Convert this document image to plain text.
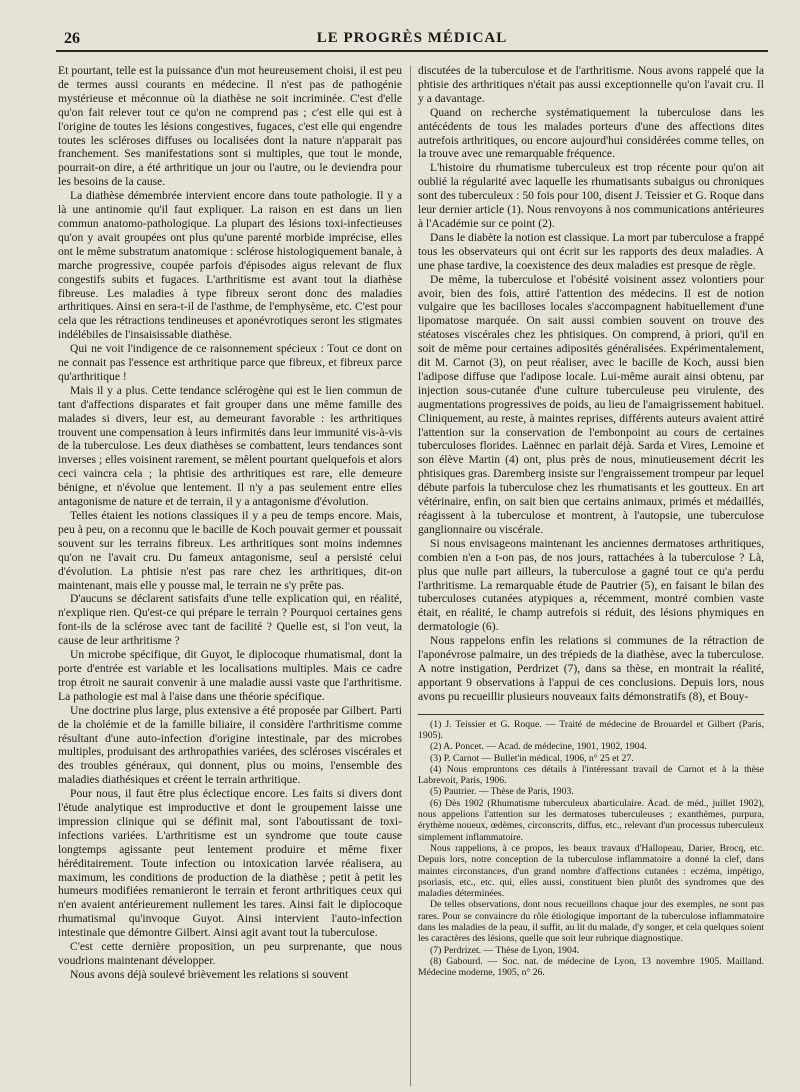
26	LE PROGRÈS MÉDICAL

Et pourtant, telle est la puissance d'un mot heureusement choisi, il est peu de termes aussi courants en médecine. Il n'est pas de pathogénie mystérieuse et méconnue où la diathèse ne soit incriminée. C'est d'elle qu'on fait relever tout ce qu'on ne comprend pas ; c'est elle qui est à l'origine de toutes les lésions congestives, fugaces, c'est elle qui engendre toutes les scléroses diffuses ou localisées dont la nature n'apparait pas franchement. Ses manifestations sont si multiples, que tout le monde, pourrait-on dire, a été arthritique un jour ou l'autre, ou le deviendra pour les besoins de la cause.

La diathèse démembrée intervient encore dans toute pathologie. Il y a là une antinomie qu'il faut expliquer. La raison en est dans un lien commun anatomo-pathologique. La plupart des lésions toxi-infectieuses qu'on y avait groupées ont plus qu'une parenté morbide imprécise, elles ont le même substratum anatomique : sclérose histologiquement banale, à marche progressive, coupée parfois d'épisodes aigus relevant de flux congestifs subits et fugaces. L'arthritisme est avant tout la diathèse fibreuse. Les maladies à type fibreux seront donc des maladies arthritiques. Ainsi en sera-t-il de l'asthme, de l'emphysème, etc. C'est pour cela que les rétractions tendineuses et aponévrotiques seront les stigmates indélébiles de l'insaisissable diathèse.

Qui ne voit l'indigence de ce raisonnement spécieux : Tout ce dont on ne connait pas l'essence est arthritique parce que fibreux, et fibreux parce qu'arthritique !

Mais il y a plus. Cette tendance sclérogène qui est le lien commun de tant d'affections disparates et fait grouper dans une même famille des malades si divers, leur est, au demeurant favorable : les arthritiques trouvent une compensation à leurs infirmités dans leur immunité vis-à-vis de la tuberculose. Les deux diathèses se combattent, leurs tendances sont inverses ; elles voisinent rarement, se mêlent pourtant quelquefois et alors ceci vaincra cela ; la phtisie des arthritiques est rare, elle demeure bénigne, et n'évolue que lentement. Il n'y a pas seulement entre elles antagonisme de nature et de terrain, il y a antagonisme d'évolution.

Telles étaient les notions classiques il y a peu de temps encore. Mais, peu à peu, on a reconnu que le bacille de Koch pouvait germer et poussait souvent sur les terrains fibreux. Les arthritiques sont moins indemnes qu'on ne l'avait cru. Du fameux antagonisme, seul a persisté celui d'évolution. La phtisie n'est pas rare chez les arthritiques, dit-on maintenant, mais elle y pousse mal, le terrain ne s'y prête pas.

D'aucuns se déclarent satisfaits d'une telle explication qui, en réalité, n'explique rien. Qu'est-ce qui prépare le terrain ? Pourquoi certaines gens font-ils de la sclérose avec tant de facilité ? Quelle est, si l'on veut, la cause de leur arthritisme ?

Un microbe spécifique, dit Guyot, le diplocoque rhumatismal, dont la porte d'entrée est variable et les localisations multiples. Mais ce cadre trop étroit ne saurait convenir à une maladie aussi vaste que l'arthritisme. La pathologie est mal à l'aise dans une théorie spécifique.

Une doctrine plus large, plus extensive a été proposée par Gilbert. Parti de la cholémie et de la famille biliaire, il considère l'arthritisme comme résultant d'une auto-infection d'origine intestinale, par des microbes multiples, produisant des arthropathies variées, des scléroses viscérales et des troubles généraux, qui donnent, plus ou moins, l'ensemble des maladies diathésiques et créent le terrain arthritique.

Pour nous, il faut être plus éclectique encore. Les faits si divers dont l'étude analytique est improductive et dont le groupement laisse une impression clinique qui se définit mal, sont l'aboutissant de toxi-infections variées. L'arthritisme est un syndrome que toute cause longtemps agissante peut lentement produire et même fixer héréditairement. Toute infection ou intoxication larvée réalisera, au maximum, les conditions de production de la diathèse ; petit à petit les humeurs modifiées remanieront le terrain et feront arthritiques ceux qui n'en avaient antérieurement nullement les tares. Ainsi fait le diplocoque rhumatismal qu'invoque Guyot. Ainsi intervient l'auto-infection intestinale que démontre Gilbert. Ainsi agit avant tout la tuberculose.

C'est cette dernière proposition, un peu surprenante, que nous voudrions maintenant développer.

Nous avons déjà soulevé brièvement les relations si souvent

discutées de la tuberculose et de l'arthritisme. Nous avons rappelé que la phtisie des arthritiques n'était pas aussi exceptionnelle qu'on l'avait cru. Il y a davantage.

Quand on recherche systématiquement la tuberculose dans les antécédents de tous les malades porteurs d'une des affections dites autrefois arthritiques, ou encore aujourd'hui considérées comme telles, on la trouve avec une remarquable fréquence.

L'histoire du rhumatisme tuberculeux est trop récente pour qu'on ait oublié la régularité avec laquelle les rhumatisants subaigus ou chroniques sont des tuberculeux : 50 fois pour 100, disent J. Teissier et G. Roque dans leur dernier article (1). Nous renvoyons à nos communications antérieures à l'Académie sur ce point (2).

Dans le diabète la notion est classique. La mort par tuberculose a frappé tous les observateurs qui ont écrit sur les rapports des deux maladies. A une phase tardive, la coexistence des deux maladies est presque de règle.

De même, la tuberculose et l'obésité voisinent assez volontiers pour avoir, bien des fois, attiré l'attention des médecins. Il est de notion vulgaire que les bacilloses locales s'accompagnent habituellement d'une lipomatose marquée. On sait aussi combien souvent on trouve des stéatoses viscérales chez les phtisiques. On comprend, à priori, qu'il en soit de même pour certaines adiposités généralisées. Expérimentalement, dit M. Carnot (3), on peut réaliser, avec le bacille de Koch, aussi bien l'adipose diffuse que l'adipose locale. Lui-même aurait ainsi obtenu, par injection sous-cutanée d'une culture tuberculeuse peu virulente, des augmentations progressives de poids, au lieu de l'amaigrissement habituel. Cliniquement, au reste, à maintes reprises, différents auteurs avaient attiré l'attention sur la conservation de l'embonpoint au cours de certaines tuberculoses florides. Laënnec en parlait déjà. Sarda et Vires, Lemoine et son élève Martin (4) ont, plus près de nous, minutieusement décrit les phtisiques gras. Daremberg insiste sur l'engraissement trompeur par lequel débute parfois la tuberculose chez les rhumatisants et les goutteux. En art vétérinaire, enfin, on sait bien que certains animaux, primés et médaillés, réagissent à la tuberculose et montrent, à l'autopsie, une tuberculose ganglionnaire ou viscérale.

Si nous envisageons maintenant les anciennes dermatoses arthritiques, combien n'en a t-on pas, de nos jours, rattachées à la tuberculose ? Là, plus que nulle part ailleurs, la tuberculose a gagné tout ce qu'a perdu l'arthritisme. La remarquable étude de Pautrier (5), en faisant le bilan des tuberculoses cutanées atypiques a, récemment, montré combien vaste était, en réalité, le champ autrefois si réduit, des lésions phymiques en dermatologie (6).

Nous rappelons enfin les relations si communes de la rétraction de l'aponévrose palmaire, un des trépieds de la diathèse, avec la tuberculose. A notre instigation, Perdrizet (7), dans sa thèse, en montrait la réalité, apportant 9 observations à l'appui de ces conclusions. Depuis lors, nous avons pu recueillir plusieurs nouveaux faits démonstratifs (8), et Bouy-

(1) J. Teissier et G. Roque. — Traité de médecine de Brouardel et Gilbert (Paris, 1905).

(2) A. Poncet. — Acad. de médecine, 1901, 1902, 1904.

(3) P. Carnot — Bullet'in médical, 1906, n° 25 et 27.

(4) Nous empruntons ces détails à l'intéressant travail de Carnot et à la thèse Labrevoit, Paris, 1906.

(5) Pautrier. — Thèse de Paris, 1903.

(6) Dès 1902 (Rhumatisme tuberculeux abarticulaire. Acad. de méd., juillet 1902), nous appelions l'attention sur les dermatoses tuberculeuses ; exanthèmes, purpura, érythème noueux, œdèmes, circonscrits, diffus, etc., relevant d'un processus tuberculeux simplement inflammatoire.

Nous rappelions, à ce propos, les beaux travaux d'Hallopeau, Darier, Brocq, etc. Depuis lors, notre conception de la tuberculose inflammatoire a donné la clef, dans maintes circonstances, d'un grand nombre d'affections cutanées : eczéma, impétigo, psoriasis, etc., etc. qui, elles aussi, constituent bien plutôt des syndromes que des maladies déterminées.

De telles observations, dont nous recueillons chaque jour des exemples, ne sont pas rares. Pour se convaincre du rôle étiologique important de la tuberculose inflammatoire dans les maladies de la peau, il suffit, au lit du malade, d'y songer, et cela quelques soient les caractères des lésions, quelle que soit leur rubrique diagnostique.

(7) Perdrizet. — Thèse de Lyon, 1904.

(8) Gabourd. — Soc. nat. de médecine de Lyon, 13 novembre 1905. Mailland. Médecine moderne, 1905, n° 26.
